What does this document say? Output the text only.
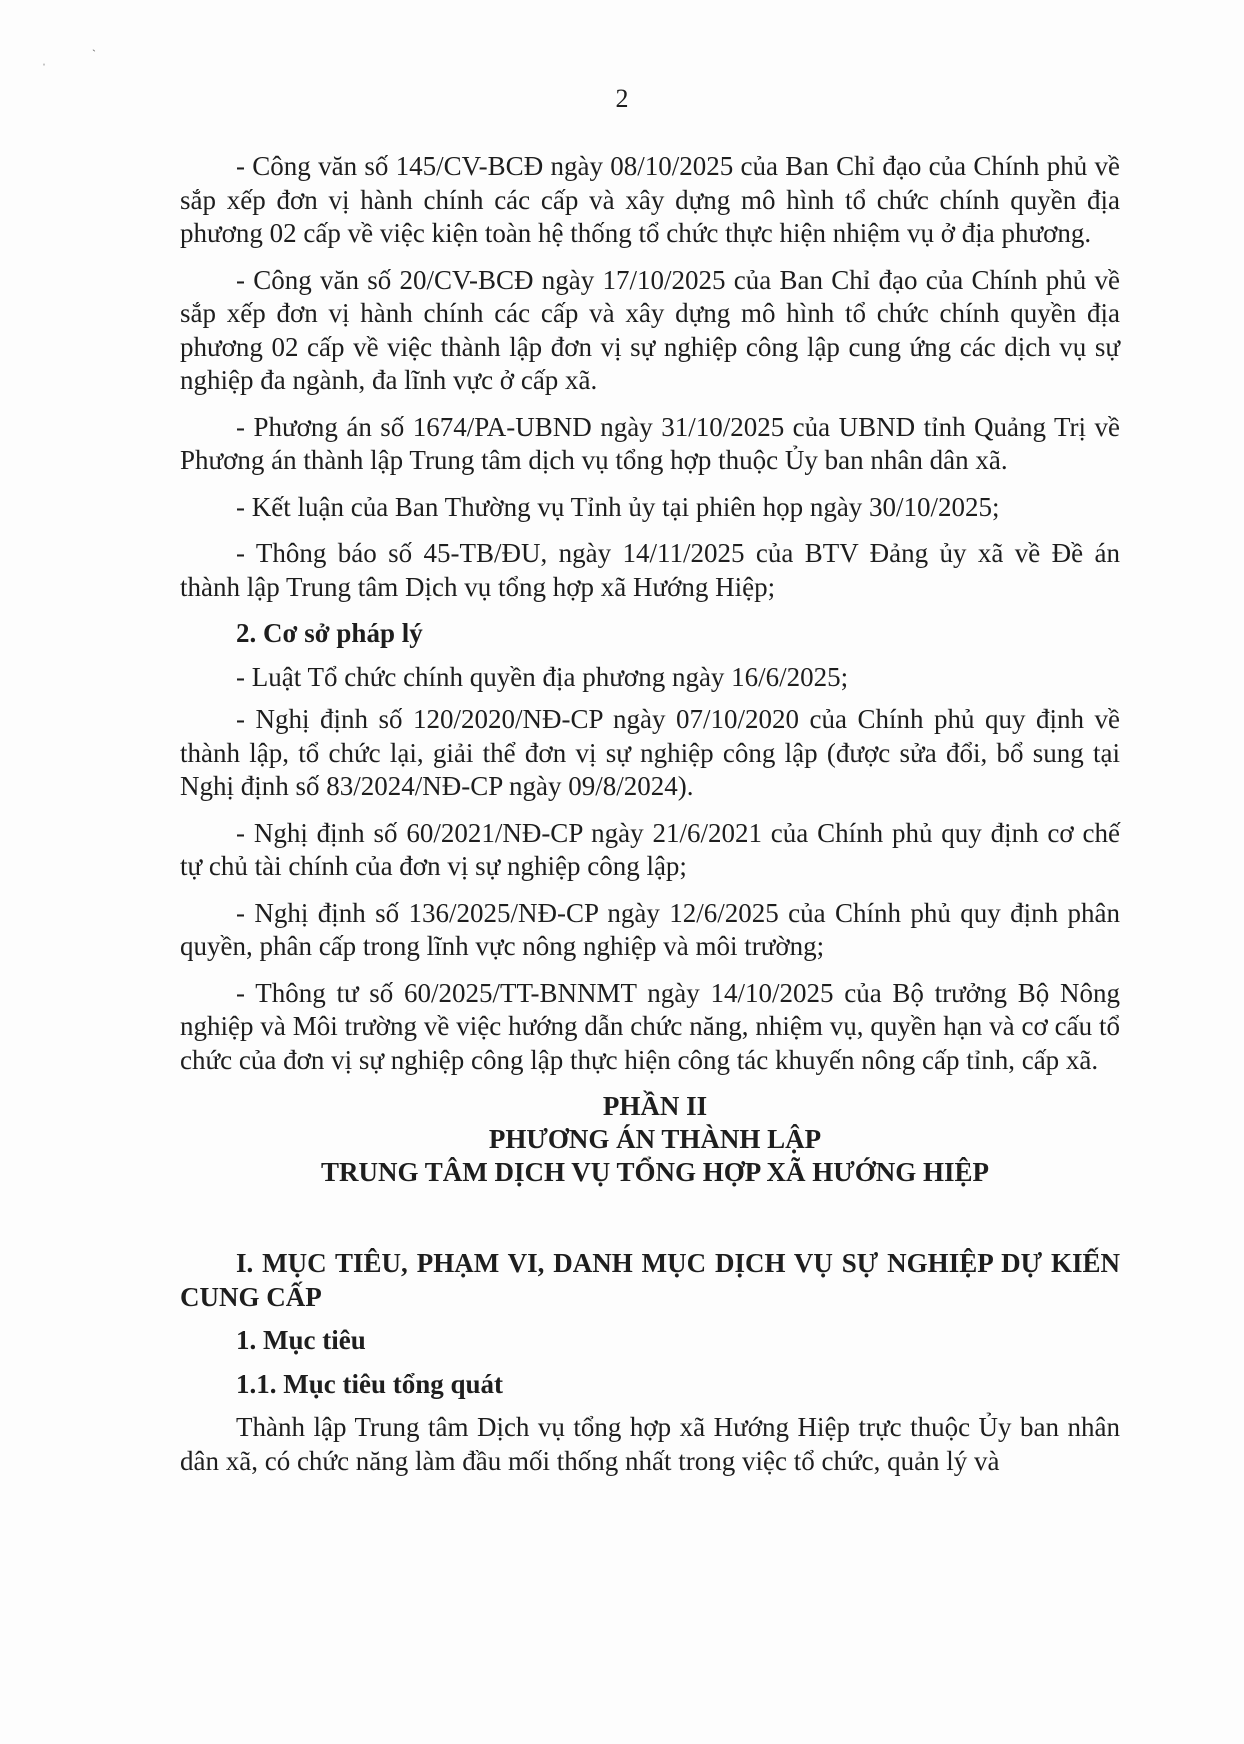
ˎ
ˌ
2

- Công văn số 145/CV-BCĐ ngày 08/10/2025 của Ban Chỉ đạo của Chính phủ về sắp xếp đơn vị hành chính các cấp và xây dựng mô hình tổ chức chính quyền địa phương 02 cấp về việc kiện toàn hệ thống tổ chức thực hiện nhiệm vụ ở địa phương.

- Công văn số 20/CV-BCĐ ngày 17/10/2025 của Ban Chỉ đạo của Chính phủ về sắp xếp đơn vị hành chính các cấp và xây dựng mô hình tổ chức chính quyền địa phương 02 cấp về việc thành lập đơn vị sự nghiệp công lập cung ứng các dịch vụ sự nghiệp đa ngành, đa lĩnh vực ở cấp xã.

- Phương án số 1674/PA-UBND ngày 31/10/2025 của UBND tỉnh Quảng Trị về Phương án thành lập Trung tâm dịch vụ tổng hợp thuộc Ủy ban nhân dân xã.

- Kết luận của Ban Thường vụ Tỉnh ủy tại phiên họp ngày 30/10/2025;

- Thông báo số 45-TB/ĐU, ngày 14/11/2025 của BTV Đảng ủy xã về Đề án thành lập Trung tâm Dịch vụ tổng hợp xã Hướng Hiệp;

2. Cơ sở pháp lý

- Luật Tổ chức chính quyền địa phương ngày 16/6/2025;

- Nghị định số 120/2020/NĐ-CP ngày 07/10/2020 của Chính phủ quy định về thành lập, tổ chức lại, giải thể đơn vị sự nghiệp công lập (được sửa đổi, bổ sung tại Nghị định số 83/2024/NĐ-CP ngày 09/8/2024).

- Nghị định số 60/2021/NĐ-CP ngày 21/6/2021 của Chính phủ quy định cơ chế tự chủ tài chính của đơn vị sự nghiệp công lập;

- Nghị định số 136/2025/NĐ-CP ngày 12/6/2025 của Chính phủ quy định phân quyền, phân cấp trong lĩnh vực nông nghiệp và môi trường;

- Thông tư số 60/2025/TT-BNNMT ngày 14/10/2025 của Bộ trưởng Bộ Nông nghiệp và Môi trường về việc hướng dẫn chức năng, nhiệm vụ, quyền hạn và cơ cấu tổ chức của đơn vị sự nghiệp công lập thực hiện công tác khuyến nông cấp tỉnh, cấp xã.

PHẦN II

PHƯƠNG ÁN THÀNH LẬP

TRUNG TÂM DỊCH VỤ TỔNG HỢP XÃ HƯỚNG HIỆP

I. MỤC TIÊU, PHẠM VI, DANH MỤC DỊCH VỤ SỰ NGHIỆP DỰ KIẾN CUNG CẤP

1. Mục tiêu

1.1. Mục tiêu tổng quát

Thành lập Trung tâm Dịch vụ tổng hợp xã Hướng Hiệp trực thuộc Ủy ban nhân dân xã, có chức năng làm đầu mối thống nhất trong việc tổ chức, quản lý và
